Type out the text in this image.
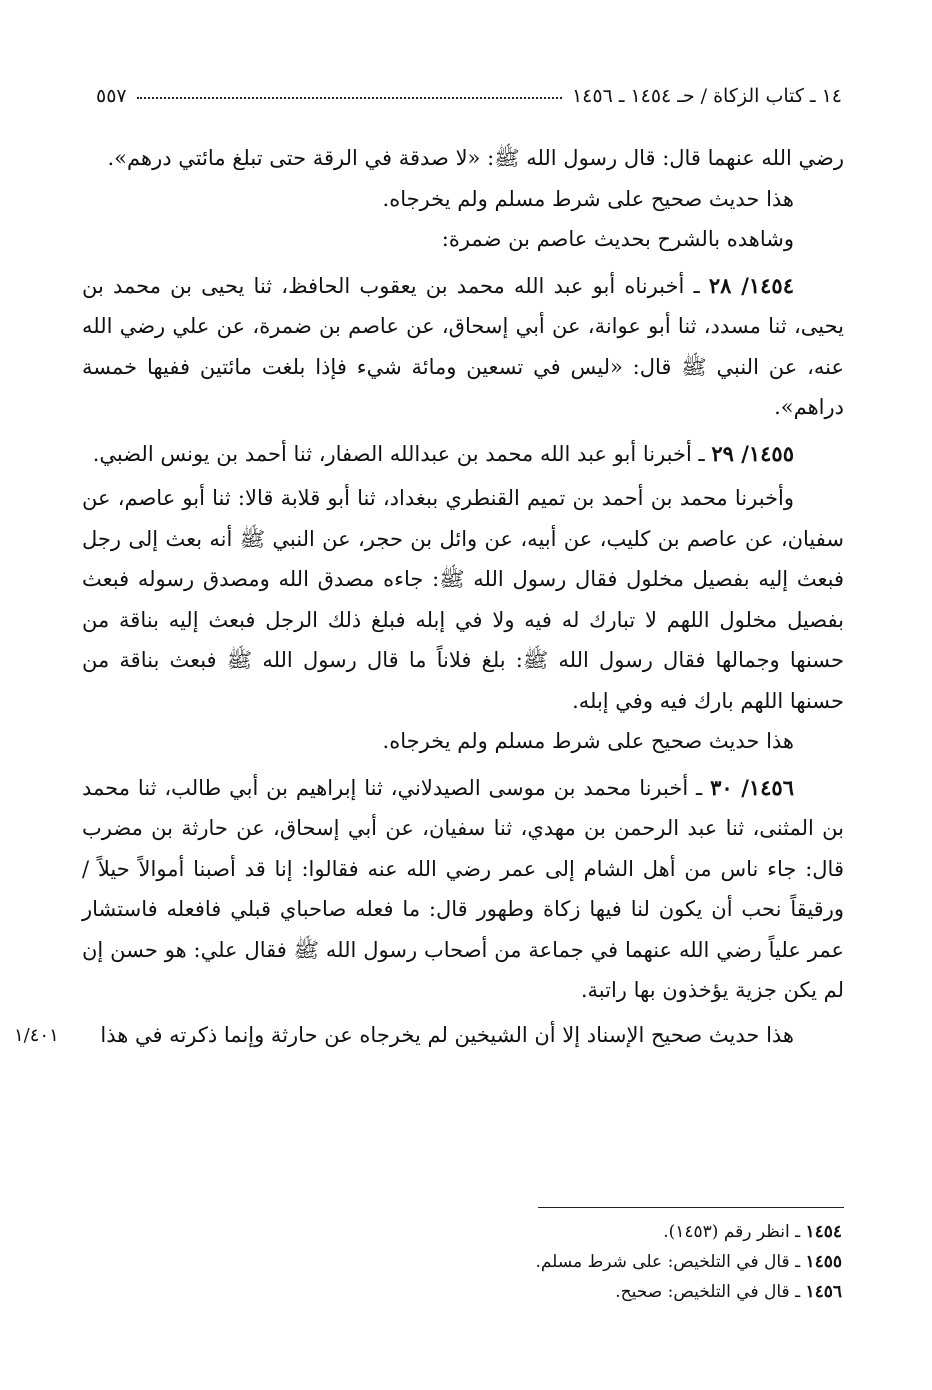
١٤ ـ كتاب الزكاة / حـ ١٤٥٤ ـ ١٤٥٦
٥٥٧

رضي الله عنهما قال: قال رسول الله ﷺ: «لا صدقة في الرقة حتى تبلغ مائتي درهم».

هذا حديث صحيح على شرط مسلم ولم يخرجاه.

وشاهده بالشرح بحديث عاصم بن ضمرة:

١٤٥٤/ ٢٨ ـ أخبرناه أبو عبد الله محمد بن يعقوب الحافظ، ثنا يحيى بن محمد بن يحيى، ثنا مسدد، ثنا أبو عوانة، عن أبي إسحاق، عن عاصم بن ضمرة، عن علي رضي الله عنه، عن النبي ﷺ قال: «ليس في تسعين ومائة شيء فإذا بلغت مائتين ففيها خمسة دراهم».

١٤٥٥/ ٢٩ ـ أخبرنا أبو عبد الله محمد بن عبدالله الصفار، ثنا أحمد بن يونس الضبي.

وأخبرنا محمد بن أحمد بن تميم القنطري ببغداد، ثنا أبو قلابة قالا: ثنا أبو عاصم، عن سفيان، عن عاصم بن كليب، عن أبيه، عن وائل بن حجر، عن النبي ﷺ أنه بعث إلى رجل فبعث إليه بفصيل مخلول فقال رسول الله ﷺ: جاءه مصدق الله ومصدق رسوله فبعث بفصيل مخلول اللهم لا تبارك له فيه ولا في إبله فبلغ ذلك الرجل فبعث إليه بناقة من حسنها وجمالها فقال رسول الله ﷺ: بلغ فلاناً ما قال رسول الله ﷺ فبعث بناقة من حسنها اللهم بارك فيه وفي إبله.

هذا حديث صحيح على شرط مسلم ولم يخرجاه.

١٤٥٦/ ٣٠ ـ أخبرنا محمد بن موسى الصيدلاني، ثنا إبراهيم بن أبي طالب، ثنا محمد بن المثنى، ثنا عبد الرحمن بن مهدي، ثنا سفيان، عن أبي إسحاق، عن حارثة بن مضرب قال: جاء ناس من أهل الشام إلى عمر رضي الله عنه فقالوا: إنا قد أصبنا أموالاً حيلاً / ورقيقاً نحب أن يكون لنا فيها زكاة وطهور قال: ما فعله صاحباي قبلي فافعله فاستشار عمر علياً رضي الله عنهما في جماعة من أصحاب رسول الله ﷺ فقال علي: هو حسن إن لم يكن جزية يؤخذون بها راتبة.

هذا حديث صحيح الإسناد إلا أن الشيخين لم يخرجاه عن حارثة وإنما ذكرته في هذا

١/٤٠١
١٤٥٤ ـ انظر رقم (١٤٥٣).
١٤٥٥ ـ قال في التلخيص: على شرط مسلم.
١٤٥٦ ـ قال في التلخيص: صحيح.
